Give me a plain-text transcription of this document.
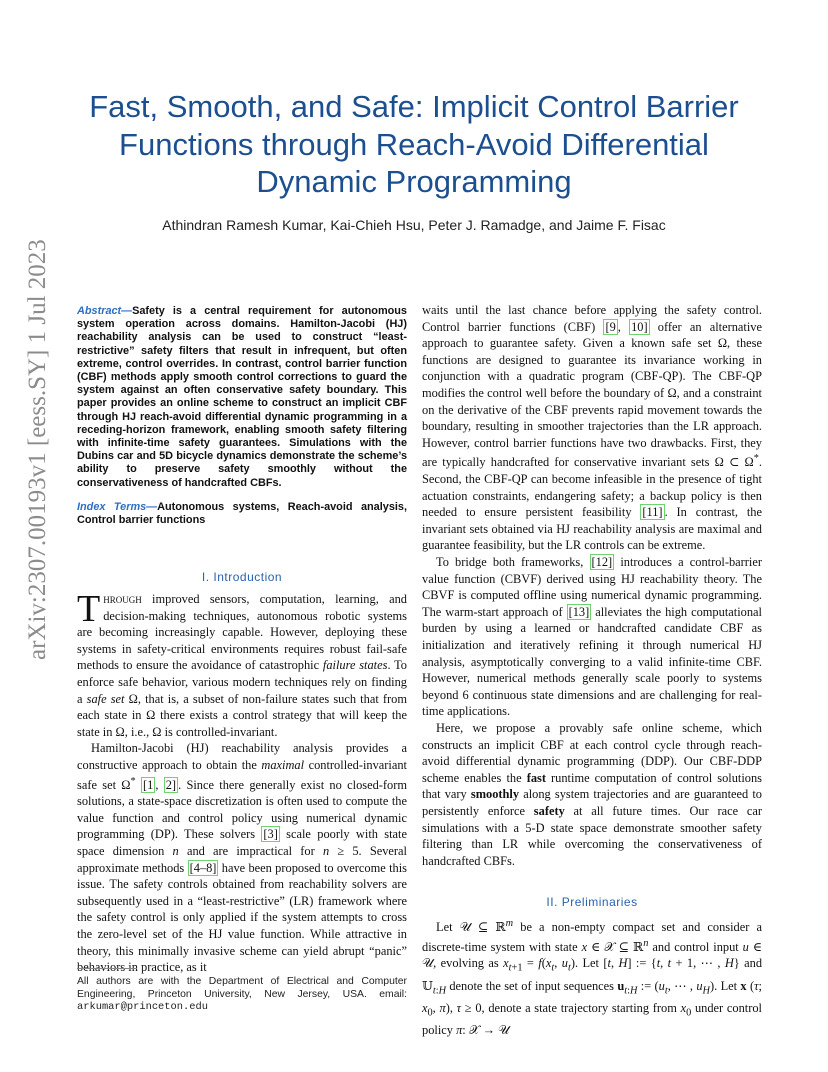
Fast, Smooth, and Safe: Implicit Control Barrier Functions through Reach-Avoid Differential Dynamic Programming
Athindran Ramesh Kumar, Kai-Chieh Hsu, Peter J. Ramadge, and Jaime F. Fisac
arXiv:2307.00193v1 [eess.SY] 1 Jul 2023	Abstract—Safety is a central requirement for autonomous system operation across domains. Hamilton-Jacobi (HJ) reachability analysis can be used to construct “least-restrictive” safety filters that result in infrequent, but often extreme, control overrides. In contrast, control barrier function (CBF) methods apply smooth control corrections to guard the system against an often conservative safety boundary. This paper provides an online scheme to construct an implicit CBF through HJ reach-avoid differential dynamic programming in a receding-horizon framework, enabling smooth safety filtering with infinite-time safety guarantees. Simulations with the Dubins car and 5D bicycle dynamics demonstrate the scheme’s ability to preserve safety smoothly without the conservativeness of handcrafted CBFs.

Index Terms—Autonomous systems, Reach-avoid analysis, Control barrier functions

I. Introduction

Through improved sensors, computation, learning, and decision-making techniques, autonomous robotic systems are becoming increasingly capable. However, deploying these systems in safety-critical environments requires robust fail-safe methods to ensure the avoidance of catastrophic failure states. To enforce safe behavior, various modern techniques rely on finding a safe set Ω, that is, a subset of non-failure states such that from each state in Ω there exists a control strategy that will keep the state in Ω, i.e., Ω is controlled-invariant.

Hamilton-Jacobi (HJ) reachability analysis provides a constructive approach to obtain the maximal controlled-invariant safe set Ω* [1 , 2] . Since there generally exist no closed-form solutions, a state-space discretization is often used to compute the value function and control policy using numerical dynamic programming (DP). These solvers [3] scale poorly with state space dimension n and are impractical for n ≥ 5. Several approximate methods [4–8] have been proposed to overcome this issue. The safety controls obtained from reachability solvers are subsequently used in a “least-restrictive” (LR) framework where the safety control is only applied if the system attempts to cross the zero-level set of the HJ value function. While attractive in theory, this minimally invasive scheme can yield abrupt “panic” behaviors in practice, as it

All authors are with the Department of Electrical and Computer Engineering, Princeton University, New Jersey, USA. email: arkumar@princeton.edu

waits until the last chance before applying the safety control. Control barrier functions (CBF) [9 , 10] offer an alternative approach to guarantee safety. Given a known safe set Ω, these functions are designed to guarantee its invariance working in conjunction with a quadratic program (CBF-QP). The CBF-QP modifies the control well before the boundary of Ω, and a constraint on the derivative of the CBF prevents rapid movement towards the boundary, resulting in smoother trajectories than the LR approach. However, control barrier functions have two drawbacks. First, they are typically handcrafted for conservative invariant sets Ω ⊂ Ω*. Second, the CBF-QP can become infeasible in the presence of tight actuation constraints, endangering safety; a backup policy is then needed to ensure persistent feasibility [11] . In contrast, the invariant sets obtained via HJ reachability analysis are maximal and guarantee feasibility, but the LR controls can be extreme.

To bridge both frameworks, [12] introduces a control-barrier value function (CBVF) derived using HJ reachability theory. The CBVF is computed offline using numerical dynamic programming. The warm-start approach of [13] alleviates the high computational burden by using a learned or handcrafted candidate CBF as initialization and iteratively refining it through numerical HJ analysis, asymptotically converging to a valid infinite-time CBF. However, numerical methods generally scale poorly to systems beyond 6 continuous state dimensions and are challenging for real-time applications.

Here, we propose a provably safe online scheme, which constructs an implicit CBF at each control cycle through reach-avoid differential dynamic programming (DDP). Our CBF-DDP scheme enables the fast runtime computation of control solutions that vary smoothly along system trajectories and are guaranteed to persistently enforce safety at all future times. Our race car simulations with a 5-D state space demonstrate smoother safety filtering than LR while overcoming the conservativeness of handcrafted CBFs.

II. Preliminaries

Let 𝒰 ⊆ ℝ$^m$ be a non-empty compact set and consider a discrete-time system with state x ∈ 𝒳 ⊆ ℝ$^n$ and control input u ∈ 𝒰, evolving as $x_{t+1} = f(x_t$, $u_t$). Let [t, H] := {t, t + 1, ⋯ , H} and 𝕌$_{t:H}$ denote the set of input sequences $u_{t:H}$ := ($u_t$, ⋯ , $u_H$). Let x (τ; $x_0$, π), τ ≥ 0, denote a state trajectory starting from $x_0$ under control policy π: 𝒳 → 𝒰
